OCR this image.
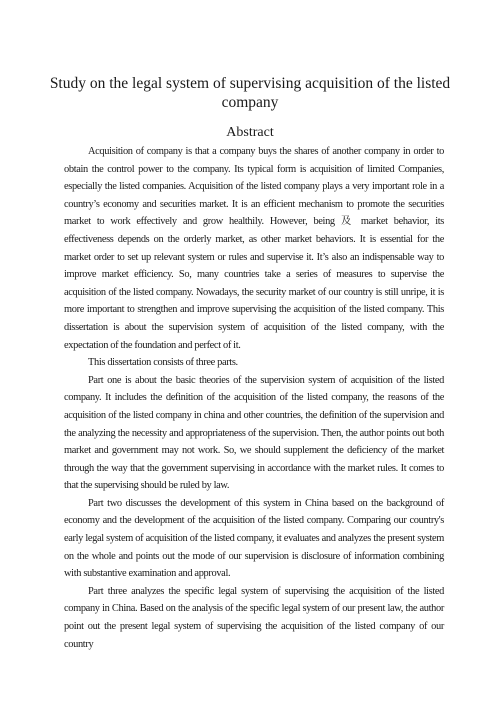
Study on the legal system of supervising acquisition of the listed company
Abstract

Acquisition of company is that a company buys the shares of another company in order to obtain the control power to the company. Its typical form is acquisition of limited Companies, especially the listed companies. Acquisition of the listed company plays a very important role in a country’s economy and securities market. It is an efficient mechanism to promote the securities market to work effectively and grow healthily. However, being 及 market behavior, its effectiveness depends on the orderly market, as other market behaviors. It is essential for the market order to set up relevant system or rules and supervise it. It’s also an indispensable way to improve market efficiency. So, many countries take a series of measures to supervise the acquisition of the listed company. Nowadays, the security market of our country is still unripe, it is more important to strengthen and improve supervising the acquisition of the listed company. This dissertation is about the supervision system of acquisition of the listed company, with the expectation of the foundation and perfect of it.

This dissertation consists of three parts.

Part one is about the basic theories of the supervision system of acquisition of the listed company. It includes the definition of the acquisition of the listed company, the reasons of the acquisition of the listed company in china and other countries, the definition of the supervision and the analyzing the necessity and appropriateness of the supervision. Then, the author points out both market and government may not work. So, we should supplement the deficiency of the market through the way that the government supervising in accordance with the market rules. It comes to that the supervising should be ruled by law.

Part two discusses the development of this system in China based on the background of economy and the development of the acquisition of the listed company. Comparing our country's early legal system of acquisition of the listed company, it evaluates and analyzes the present system on the whole and points out the mode of our supervision is disclosure of information combining with substantive examination and approval.

Part three analyzes the specific legal system of supervising the acquisition of the listed company in China. Based on the analysis of the specific legal system of our present law, the author point out the present legal system of supervising the acquisition of the listed company of our country
